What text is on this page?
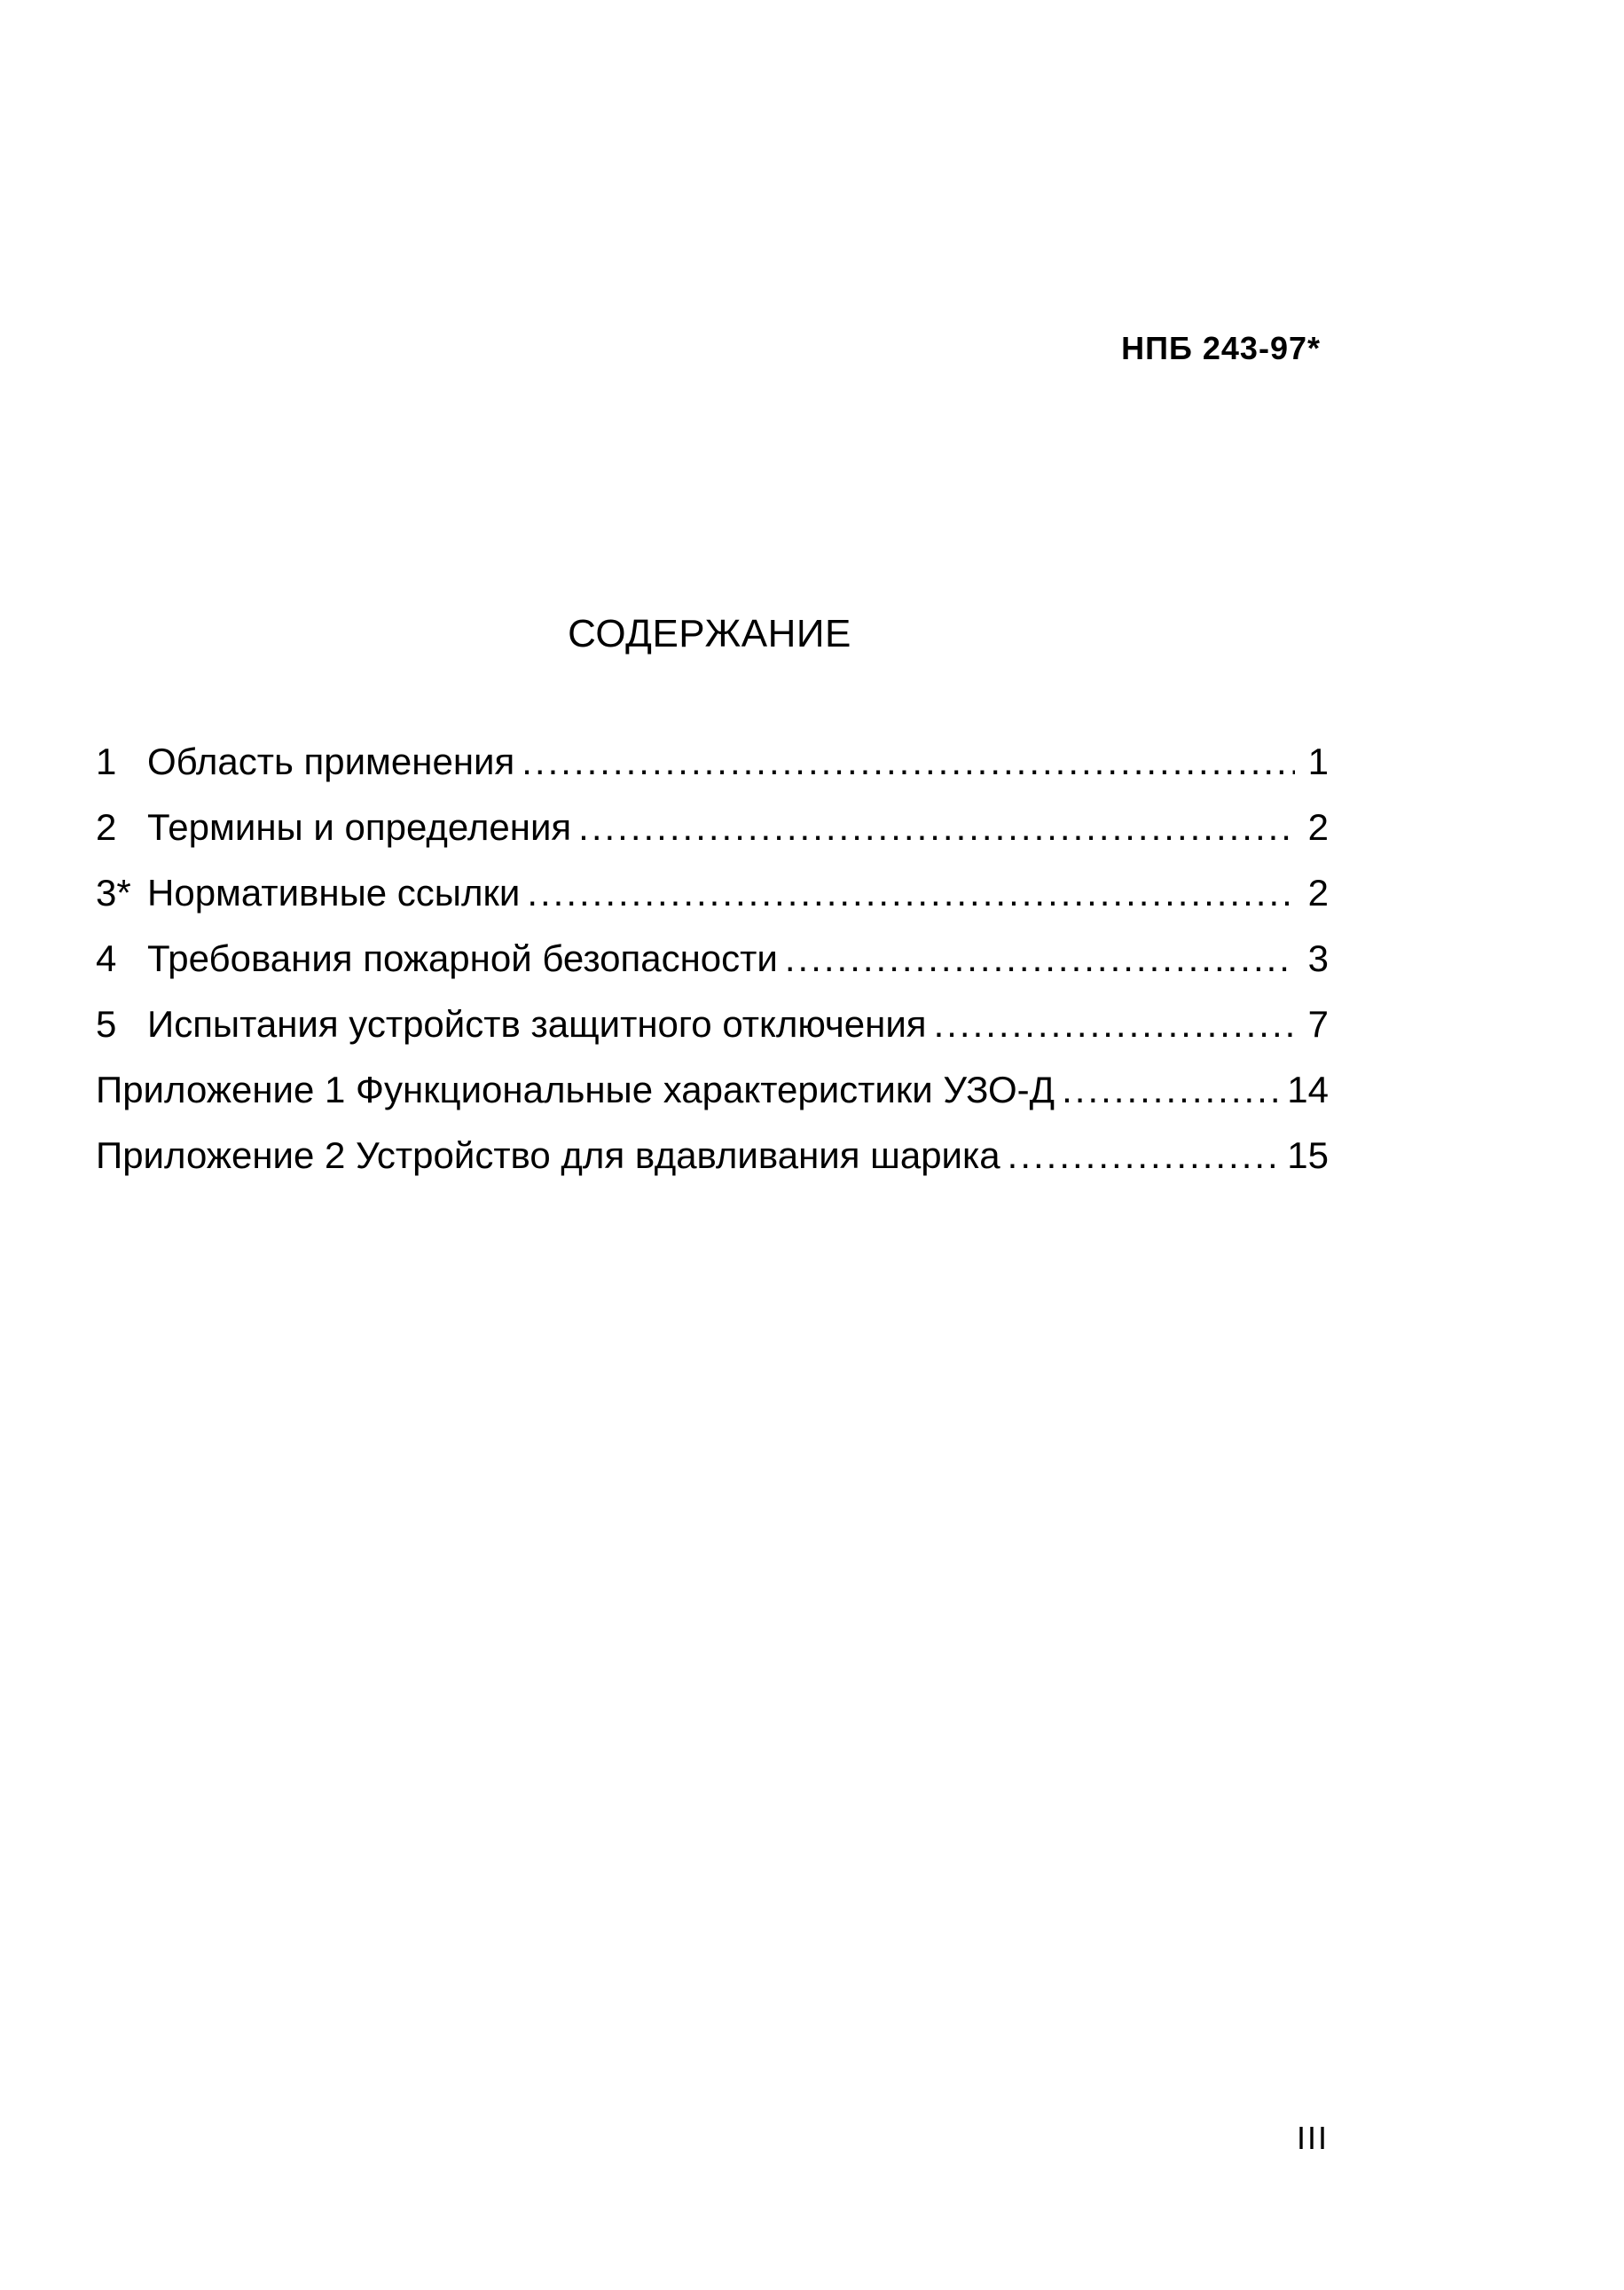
НПБ 243-97*
СОДЕРЖАНИЕ
1 Область применения .....	1
2 Термины и определения .....	2
3* Нормативные ссылки .....	2
4 Требования пожарной безопасности .....	3
5 Испытания устройств защитного отключения .....	7
Приложение 1 Функциональные характеристики УЗО-Д .....	14
Приложение 2 Устройство для вдавливания шарика .....	15
III
